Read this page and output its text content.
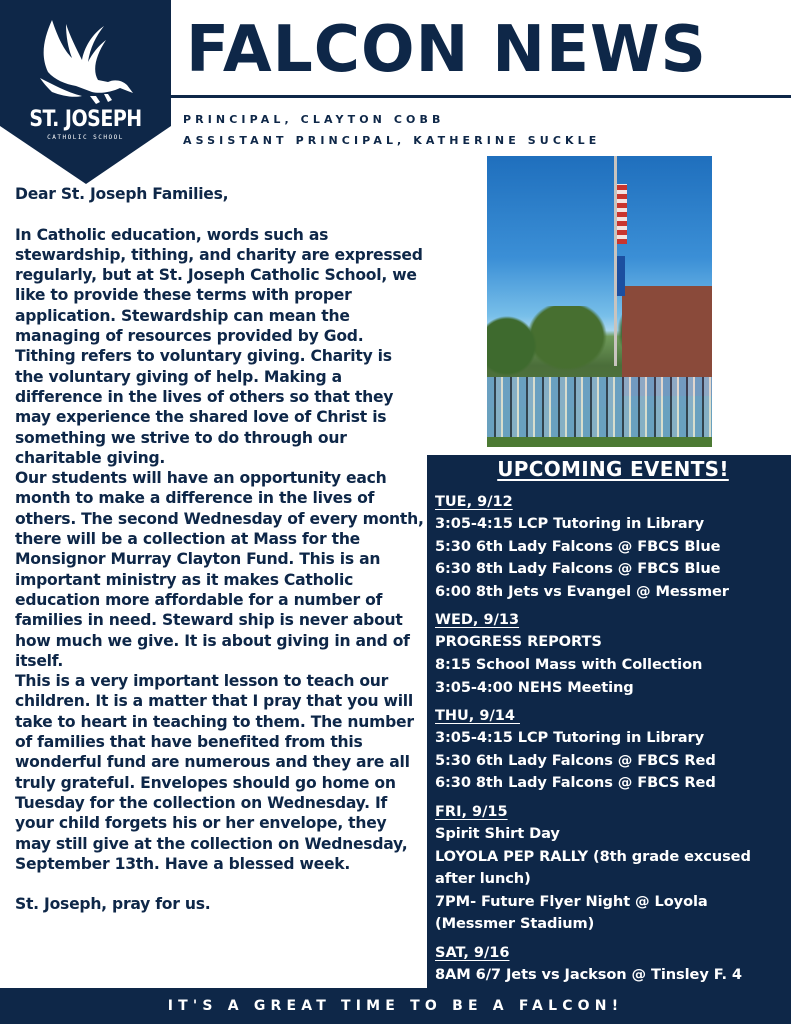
ST. JOSEPH
CATHOLIC SCHOOL
FALCON NEWS
PRINCIPAL, CLAYTON COBB
ASSISTANT PRINCIPAL, KATHERINE SUCKLE

Dear St. Joseph Families,

In Catholic education, words such as stewardship, tithing, and charity are expressed regularly, but at St. Joseph Catholic School, we like to provide these terms with proper application. Stewardship can mean the managing of resources provided by God. Tithing refers to voluntary giving. Charity is the voluntary giving of help. Making a difference in the lives of others so that they may experience the shared love of Christ is something we strive to do through our charitable giving.

Our students will have an opportunity each month to make a difference in the lives of others. The second Wednesday of every month, there will be a collection at Mass for the Monsignor Murray Clayton Fund. This is an important ministry as it makes Catholic education more affordable for a number of families in need. Steward ship is never about how much we give. It is about giving in and of itself.

This is a very important lesson to teach our children. It is a matter that I pray that you will take to heart in teaching to them. The number of families that have benefited from this wonderful fund are numerous and they are all truly grateful. Envelopes should go home on Tuesday for the collection on Wednesday. If your child forgets his or her envelope, they may still give at the collection on Wednesday, September 13th. Have a blessed week.

St. Joseph, pray for us.

UPCOMING EVENTS!
TUE, 9/12
3:05-4:15 LCP Tutoring in Library
5:30 6th Lady Falcons @ FBCS Blue
6:30 8th Lady Falcons @ FBCS Blue
6:00 8th Jets vs Evangel @ Messmer
WED, 9/13
PROGRESS REPORTS
8:15 School Mass with Collection
3:05-4:00 NEHS Meeting
THU, 9/14
3:05-4:15 LCP Tutoring in Library
5:30 6th Lady Falcons @ FBCS Red
6:30 8th Lady Falcons @ FBCS Red
FRI, 9/15
Spirit Shirt Day
LOYOLA PEP RALLY (8th grade excused after lunch)
7PM- Future Flyer Night @ Loyola (Messmer Stadium)
SAT, 9/16
8AM 6/7 Jets vs Jackson @ Tinsley F. 4
IT'S A GREAT TIME TO BE A FALCON!
